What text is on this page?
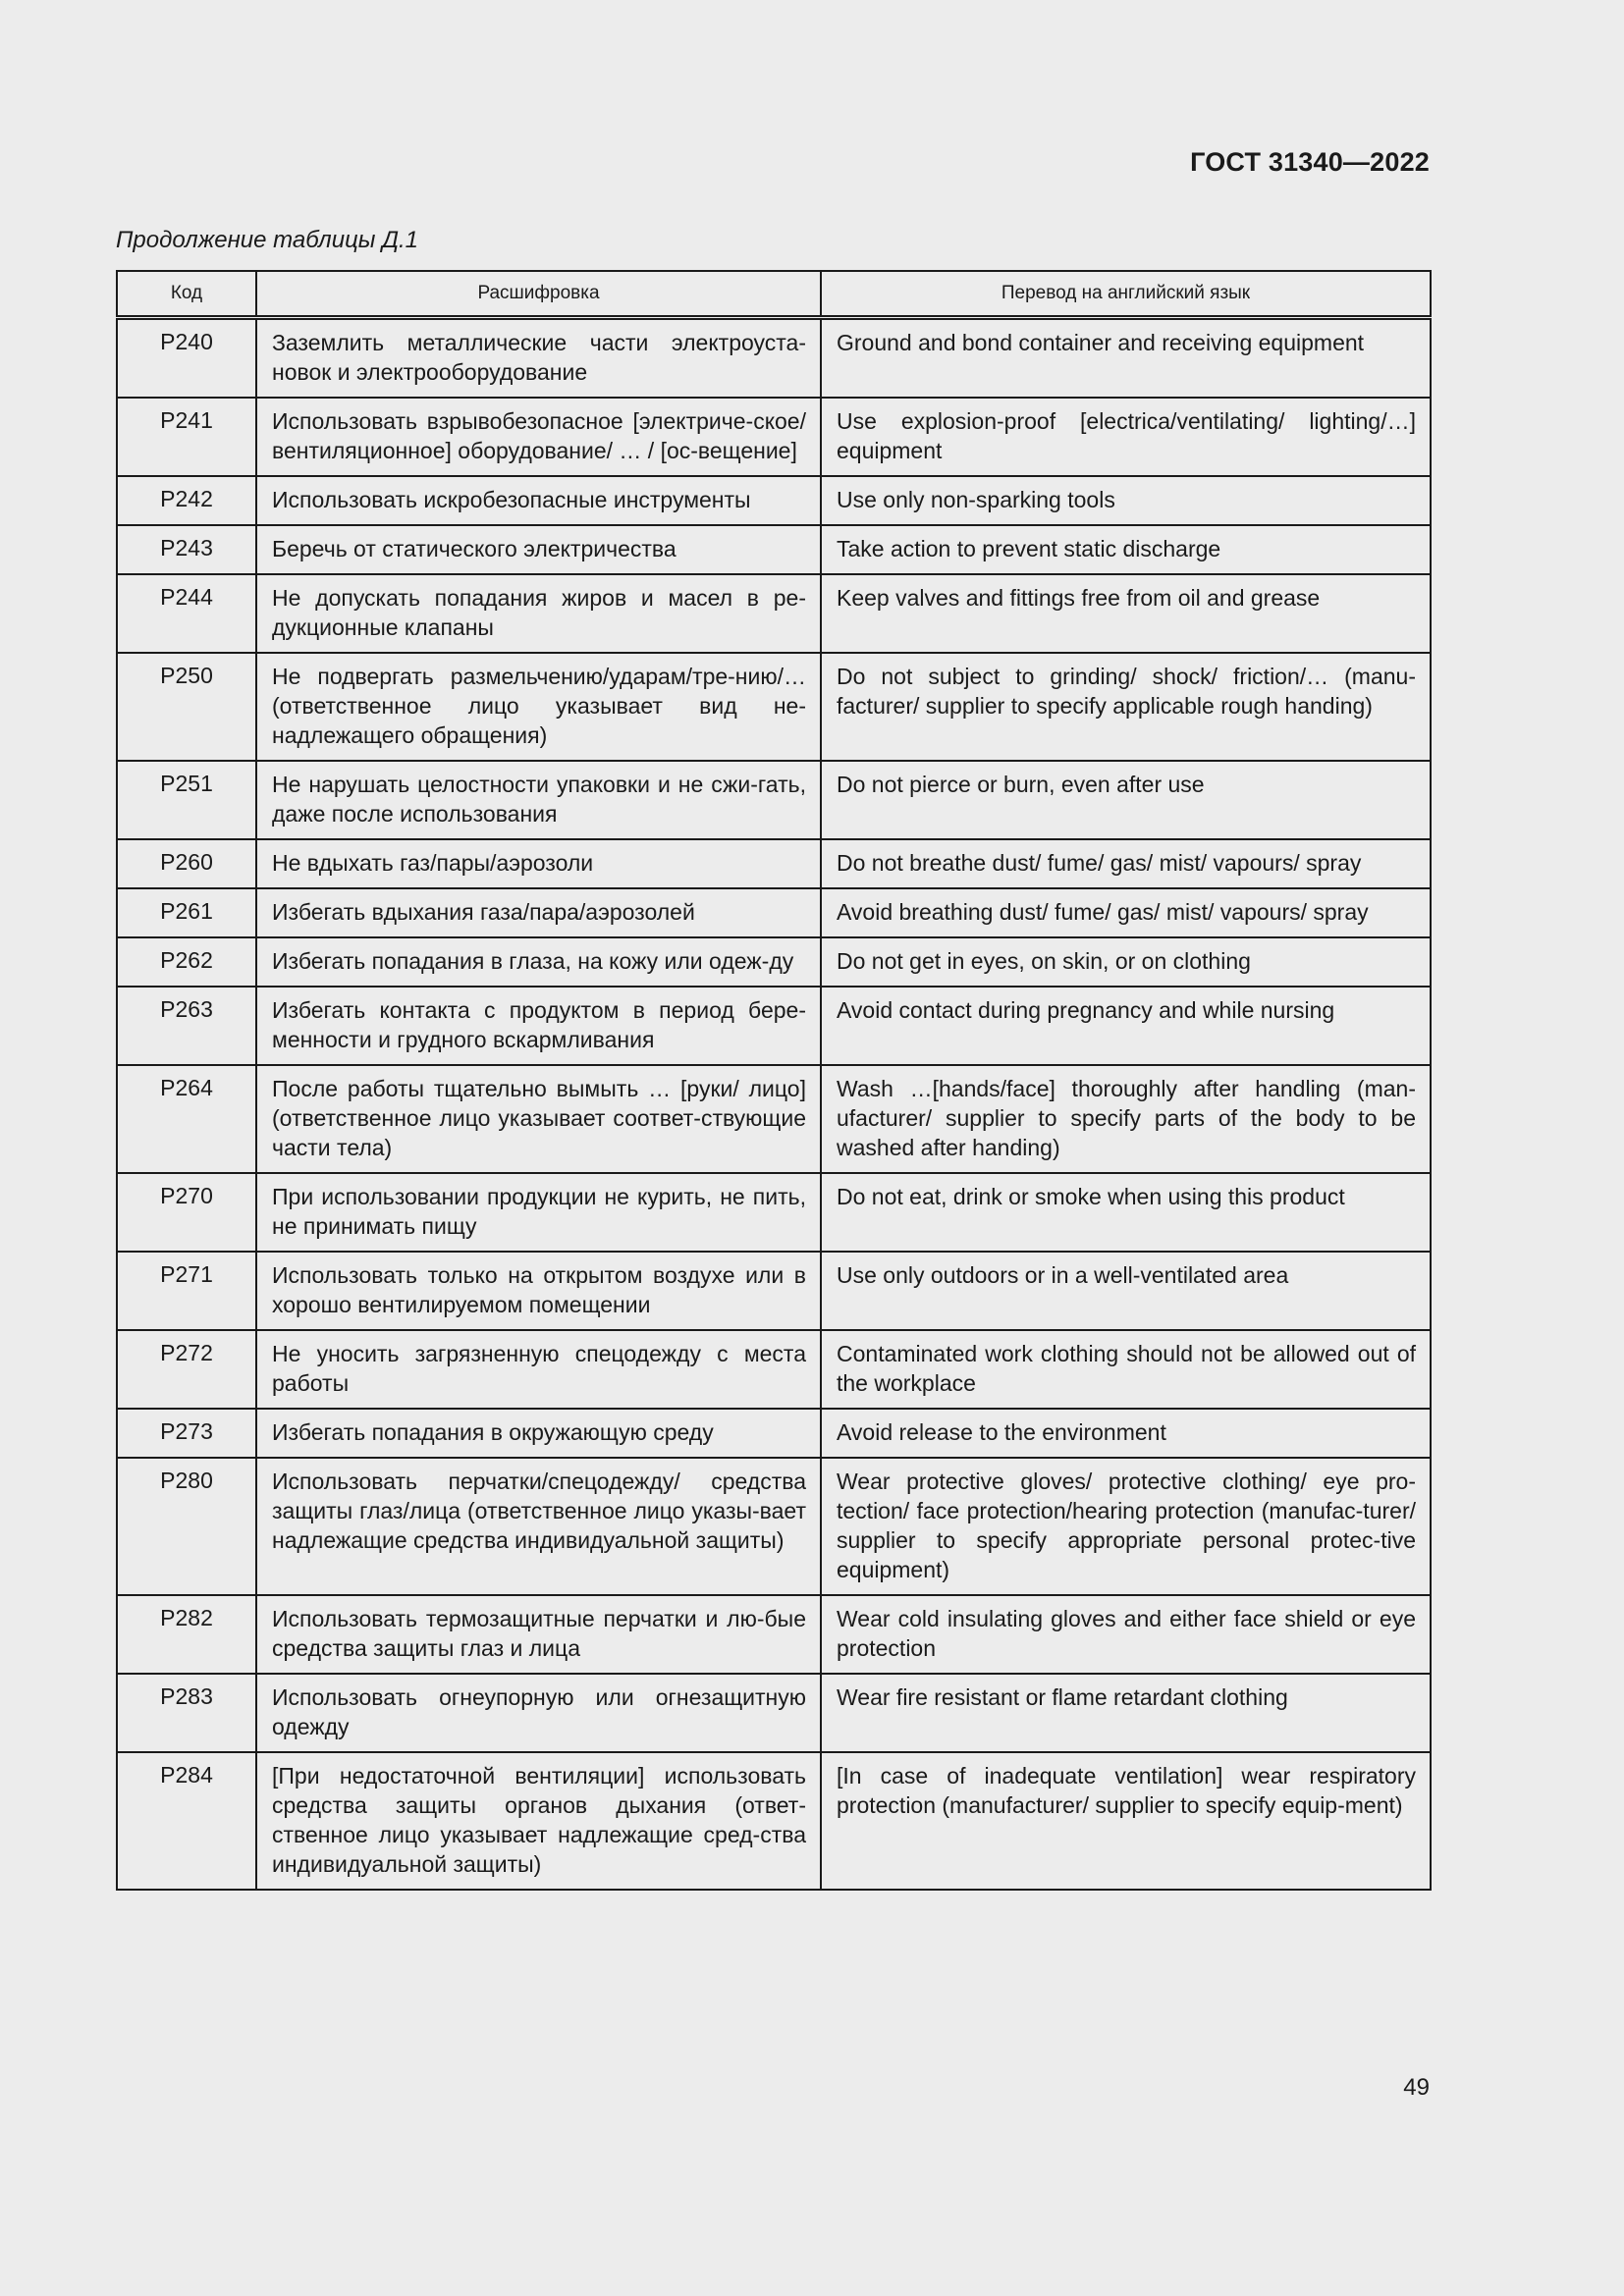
ГОСТ 31340—2022
Продолжение таблицы Д.1
Код	Расшифровка	Перевод на английский язык
P240	Заземлить металлические части электроуста-новок и электрооборудование	Ground and bond container and receiving equipment
P241	Использовать взрывобезопасное [электриче-ское/вентиляционное] оборудование/ … / [ос-вещение]	Use explosion-proof [electrica/ventilating/ lighting/…] equipment
P242	Использовать искробезопасные инструменты	Use only non-sparking tools
P243	Беречь от статического электричества	Take action to prevent static discharge
P244	Не допускать попадания жиров и масел в ре-дукционные клапаны	Keep valves and fittings free from oil and grease
P250	Не подвергать размельчению/ударам/тре-нию/… (ответственное лицо указывает вид не-надлежащего обращения)	Do not subject to grinding/ shock/ friction/… (manu-facturer/ supplier to specify applicable rough handing)
P251	Не нарушать целостности упаковки и не сжи-гать, даже после использования	Do not pierce or burn, even after use
P260	Не вдыхать газ/пары/аэрозоли	Do not breathe dust/ fume/ gas/ mist/ vapours/ spray
P261	Избегать вдыхания газа/пара/аэрозолей	Avoid breathing dust/ fume/ gas/ mist/ vapours/ spray
P262	Избегать попадания в глаза, на кожу или одеж-ду	Do not get in eyes, on skin, or on clothing
P263	Избегать контакта с продуктом в период бере-менности и грудного вскармливания	Avoid contact during pregnancy and while nursing
P264	После работы тщательно вымыть … [руки/ лицо] (ответственное лицо указывает соответ-ствующие части тела)	Wash …[hands/face] thoroughly after handling (man-ufacturer/ supplier to specify parts of the body to be washed after handing)
P270	При использовании продукции не курить, не пить, не принимать пищу	Do not eat, drink or smoke when using this product
P271	Использовать только на открытом воздухе или в хорошо вентилируемом помещении	Use only outdoors or in a well-ventilated area
P272	Не уносить загрязненную спецодежду с места работы	Contaminated work clothing should not be allowed out of the workplace
P273	Избегать попадания в окружающую среду	Avoid release to the environment
P280	Использовать перчатки/спецодежду/ средства защиты глаз/лица (ответственное лицо указы-вает надлежащие средства индивидуальной защиты)	Wear protective gloves/ protective clothing/ eye pro-tection/ face protection/hearing protection (manufac-turer/ supplier to specify appropriate personal protec-tive equipment)
P282	Использовать термозащитные перчатки и лю-бые средства защиты глаз и лица	Wear cold insulating gloves and either face shield or eye protection
P283	Использовать огнеупорную или огнезащитную одежду	Wear fire resistant or flame retardant clothing
P284	[При недостаточной вентиляции] использовать средства защиты органов дыхания (ответ-ственное лицо указывает надлежащие сред-ства индивидуальной защиты)	[In case of inadequate ventilation] wear respiratory protection (manufacturer/ supplier to specify equip-ment)
49
